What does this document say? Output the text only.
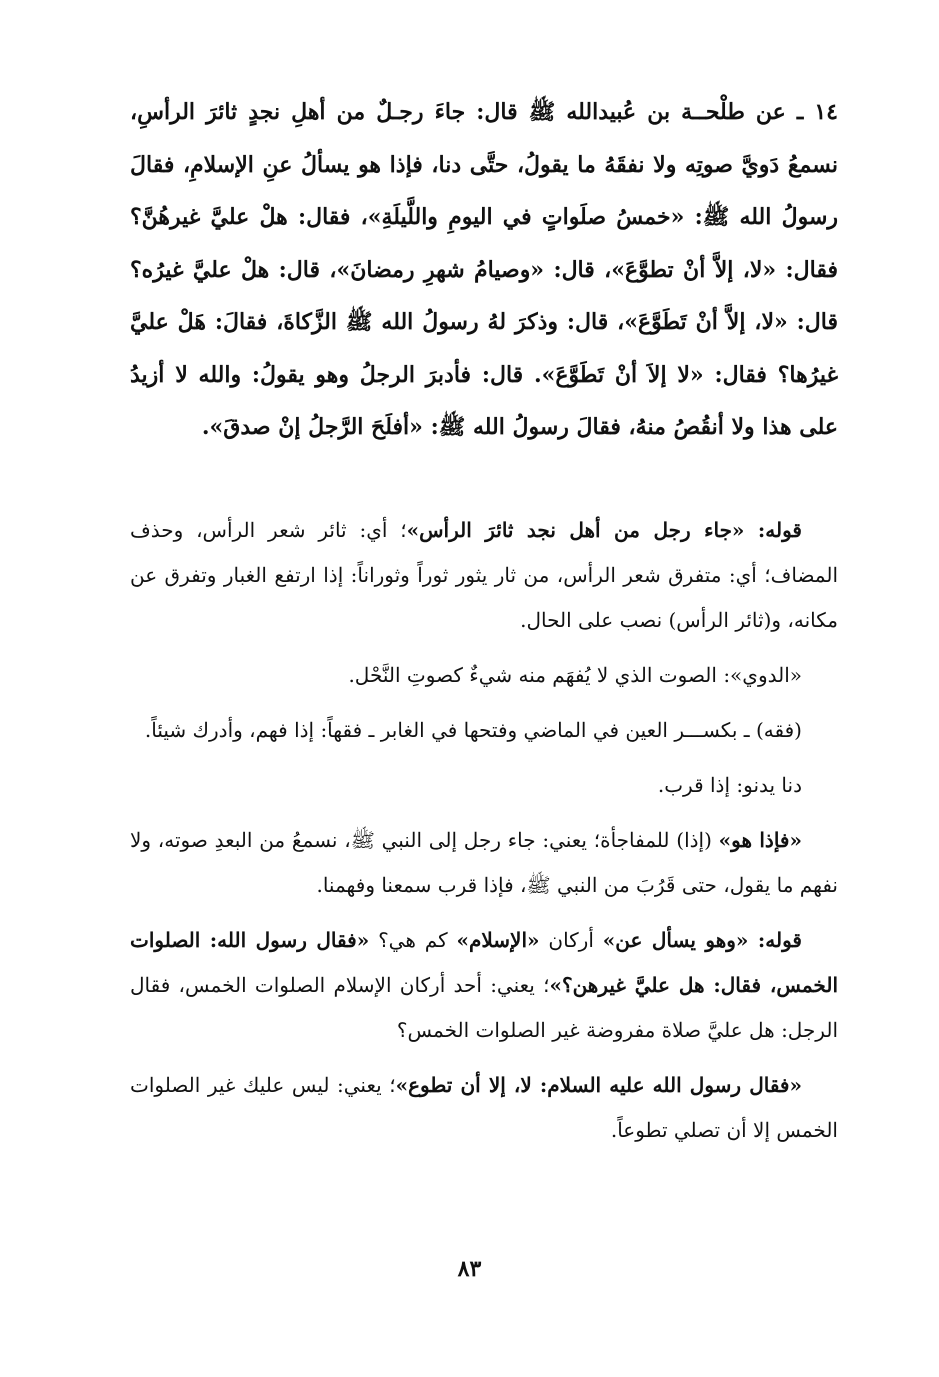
١٤ ـ عن طلْحــة بن عُبيدالله ﷺ قال: جاءَ رجـلٌ من أهلِ نجدٍ ثائرَ الرأسِ، نسمعُ دَويَّ صوتِه ولا نفقَهُ ما يقولُ، حتَّى دنا، فإذا هو يسألُ عنِ الإسلامِ، فقالَ رسولُ الله ﷺ: «خمسُ صلَواتٍ في اليومِ واللَّيلَةِ»، فقال: هلْ عليَّ غيرهُنَّ؟ فقال: «لا، إلاَّ أنْ تطوَّعَ»، قال: «وصيامُ شهرِ رمضانَ»، قال: هلْ عليَّ غيرُه؟ قال: «لا، إلاَّ أنْ تَطَوَّعَ»، قال: وذكرَ لهُ رسولُ الله ﷺ الزَّكاةَ، فقالَ: هَلْ عليَّ غيرُها؟ فقال: «لا إلاَ أنْ تَطَوَّعَ». قال: فأدبرَ الرجلُ وهو يقولُ: والله لا أزيدُ على هذا ولا أنقُصُ منهُ، فقالَ رسولُ الله ﷺ: «أفلَحَ الرَّجلُ إنْ صدقَ».

قوله: «جاء رجل من أهل نجد ثائرَ الرأس»؛ أي: ثائر شعر الرأس، وحذف المضاف؛ أي: متفرق شعر الرأس، من ثار يثور ثوراً وثوراناً: إذا ارتفع الغبار وتفرق عن مكانه، و(ثائر الرأس) نصب على الحال.

«الدوي»: الصوت الذي لا يُفهَم منه شيءٌ كصوتِ النَّحْل.

(فقه) ـ بكســـر العين في الماضي وفتحها في الغابر ـ فقهاً: إذا فهم، وأدرك شيئاً.

دنا يدنو: إذا قرب.

«فإذا هو» (إذا) للمفاجأة؛ يعني: جاء رجل إلى النبي ﷺ، نسمعُ من البعدِ صوته، ولا نفهم ما يقول، حتى قَرُبَ من النبي ﷺ، فإذا قرب سمعنا وفهمنا.

قوله: «وهو يسأل عن» أركان «الإسلام» كم هي؟ «فقال رسول الله: الصلوات الخمس، فقال: هل عليَّ غيرهن؟»؛ يعني: أحد أركان الإسلام الصلوات الخمس، فقال الرجل: هل عليَّ صلاة مفروضة غير الصلوات الخمس؟

«فقال رسول الله عليه السلام: لا، إلا أن تطوع»؛ يعني: ليس عليك غير الصلوات الخمس إلا أن تصلي تطوعاً.

٨٣
